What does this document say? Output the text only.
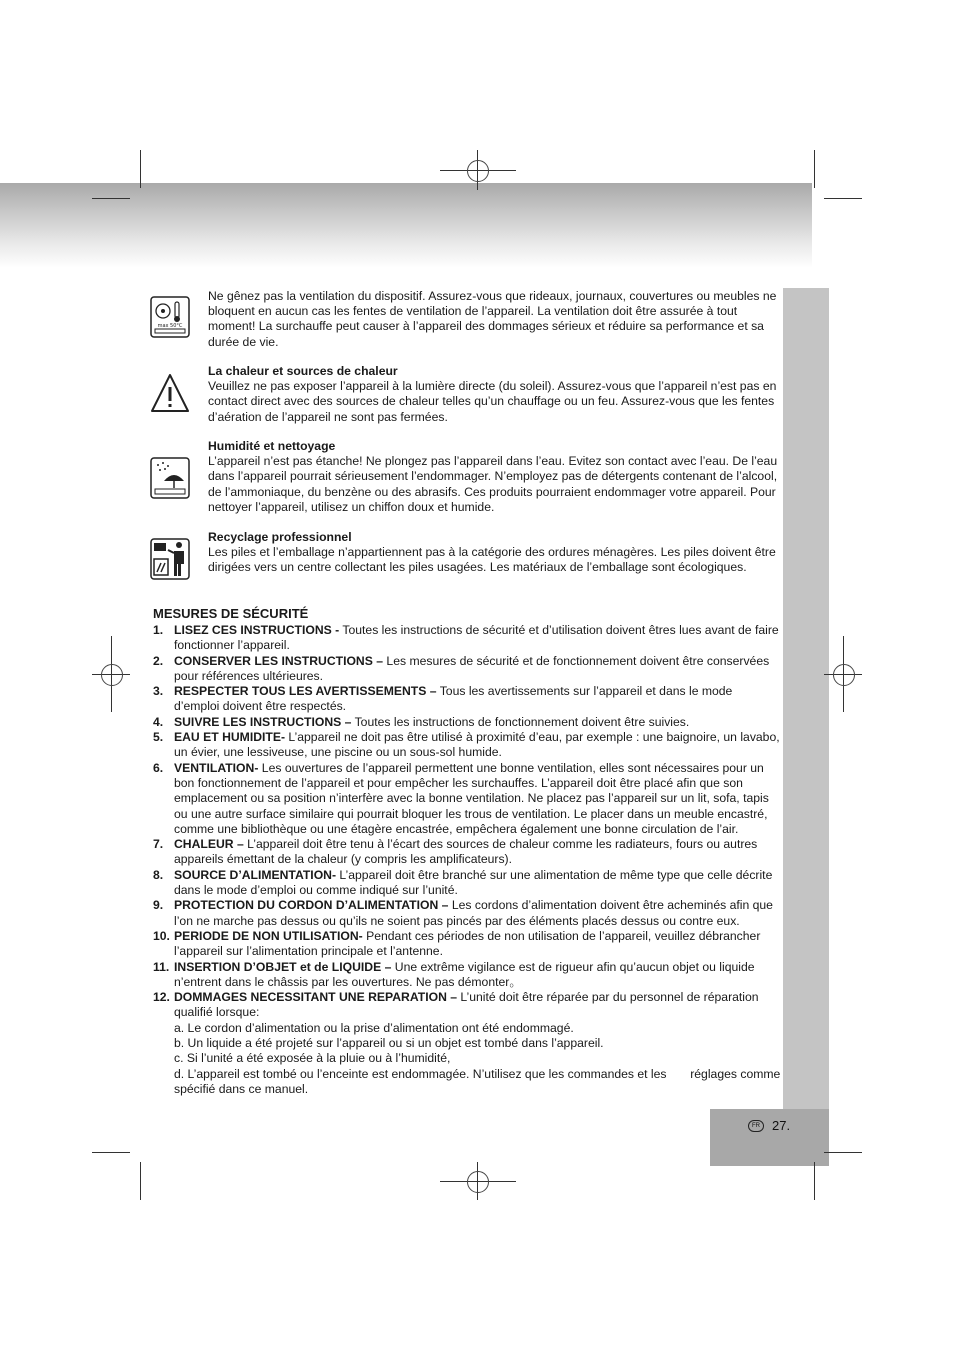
max 50°C
Ne gênez pas la ventilation du dispositif. Assurez-vous que rideaux, journaux, couvertures ou meubles ne bloquent en aucun cas les fentes de ventilation de l’appareil. La ventilation doit être assurée à tout moment! La surchauffe peut causer à l’appareil des dommages sérieux et réduire sa performance et sa durée de vie.
La chaleur et sources de chaleur
Veuillez ne pas exposer l’appareil à la lumière directe (du soleil). Assurez-vous que l’appareil n’est pas en contact direct avec des sources de chaleur telles qu’un chauffage ou un feu. Assurez-vous que les fentes d’aération de l’appareil ne sont pas fermées.
Humidité et nettoyage
L’appareil n’est pas étanche! Ne plongez pas l’appareil dans l’eau. Evitez son contact avec l’eau. De l’eau dans l’appareil pourrait sérieusement l’endommager. N’employez pas de détergents contenant de l’alcool, de l’ammoniaque, du benzène ou des abrasifs. Ces produits pourraient endommager votre appareil. Pour nettoyer l’appareil, utilisez un chiffon doux et humide.
Recyclage professionnel
Les piles et l’emballage n’appartiennent pas à la catégorie des ordures ménagères. Les piles doivent être dirigées vers un centre collectant les piles usagées. Les matériaux de l’emballage sont écologiques.
MESURES DE SÉCURITÉ
1. LISEZ CES INSTRUCTIONS - Toutes les instructions de sécurité et d’utilisation doivent êtres lues avant de faire fonctionner l’appareil.
2. CONSERVER LES INSTRUCTIONS – Les mesures de sécurité et de fonctionnement doivent être conservées pour références ultérieures.
3. RESPECTER TOUS LES AVERTISSEMENTS – Tous les avertissements sur l’appareil et dans le mode d’emploi doivent être respectés.
4. SUIVRE LES INSTRUCTIONS – Toutes les instructions de fonctionnement doivent être suivies.
5. EAU ET HUMIDITE- L’appareil ne doit pas être utilisé à proximité d’eau, par exemple : une baignoire, un lavabo, un évier, une lessiveuse, une piscine ou un sous-sol humide.
6. VENTILATION- Les ouvertures de l’appareil permettent une bonne ventilation, elles sont nécessaires pour un bon fonctionnement de l’appareil et pour empêcher les surchauffes. L’appareil doit être placé afin que son emplacement ou sa position n’interfère avec la bonne ventilation. Ne placez pas l’appareil sur un lit, sofa, tapis ou une autre surface similaire qui pourrait bloquer les trous de ventilation. Le placer dans un meuble encastré, comme une bibliothèque ou une étagère encastrée, empêchera également une bonne circulation de l’air.
7. CHALEUR – L’appareil doit être tenu à l’écart des sources de chaleur comme les radiateurs, fours ou autres appareils émettant de la chaleur (y compris les amplificateurs).
8. SOURCE D’ALIMENTATION- L’appareil doit être branché sur une alimentation de même type que celle décrite dans le mode d’emploi ou comme indiqué sur l’unité.
9. PROTECTION DU CORDON D’ALIMENTATION – Les cordons d’alimentation doivent être acheminés afin que l’on ne marche pas dessus ou qu’ils ne soient pas pincés par des éléments placés dessus ou contre eux.
10. PERIODE DE NON UTILISATION- Pendant ces périodes de non utilisation de l’appareil, veuillez débrancher l’appareil sur l’alimentation principale et l’antenne.
11. INSERTION D’OBJET et de LIQUIDE – Une extrême vigilance est de rigueur afin qu’aucun objet ou liquide n’entrent dans le châssis par les ouvertures. Ne pas démonter。
12. DOMMAGES NECESSITANT UNE REPARATION – L’unité doit être réparée par du personnel de réparation qualifié lorsque:
a. Le cordon d’alimentation ou la prise d’alimentation ont été endommagé.
b. Un liquide a été projeté sur l’appareil ou si un objet est tombé dans l’appareil.
c. Si l’unité a été exposée à la pluie ou à l’humidité,
d. L’appareil est tombé ou l’enceinte est endommagée. N’utilisez que les commandes et les       réglages comme spécifié dans ce manuel.
FR 27.
